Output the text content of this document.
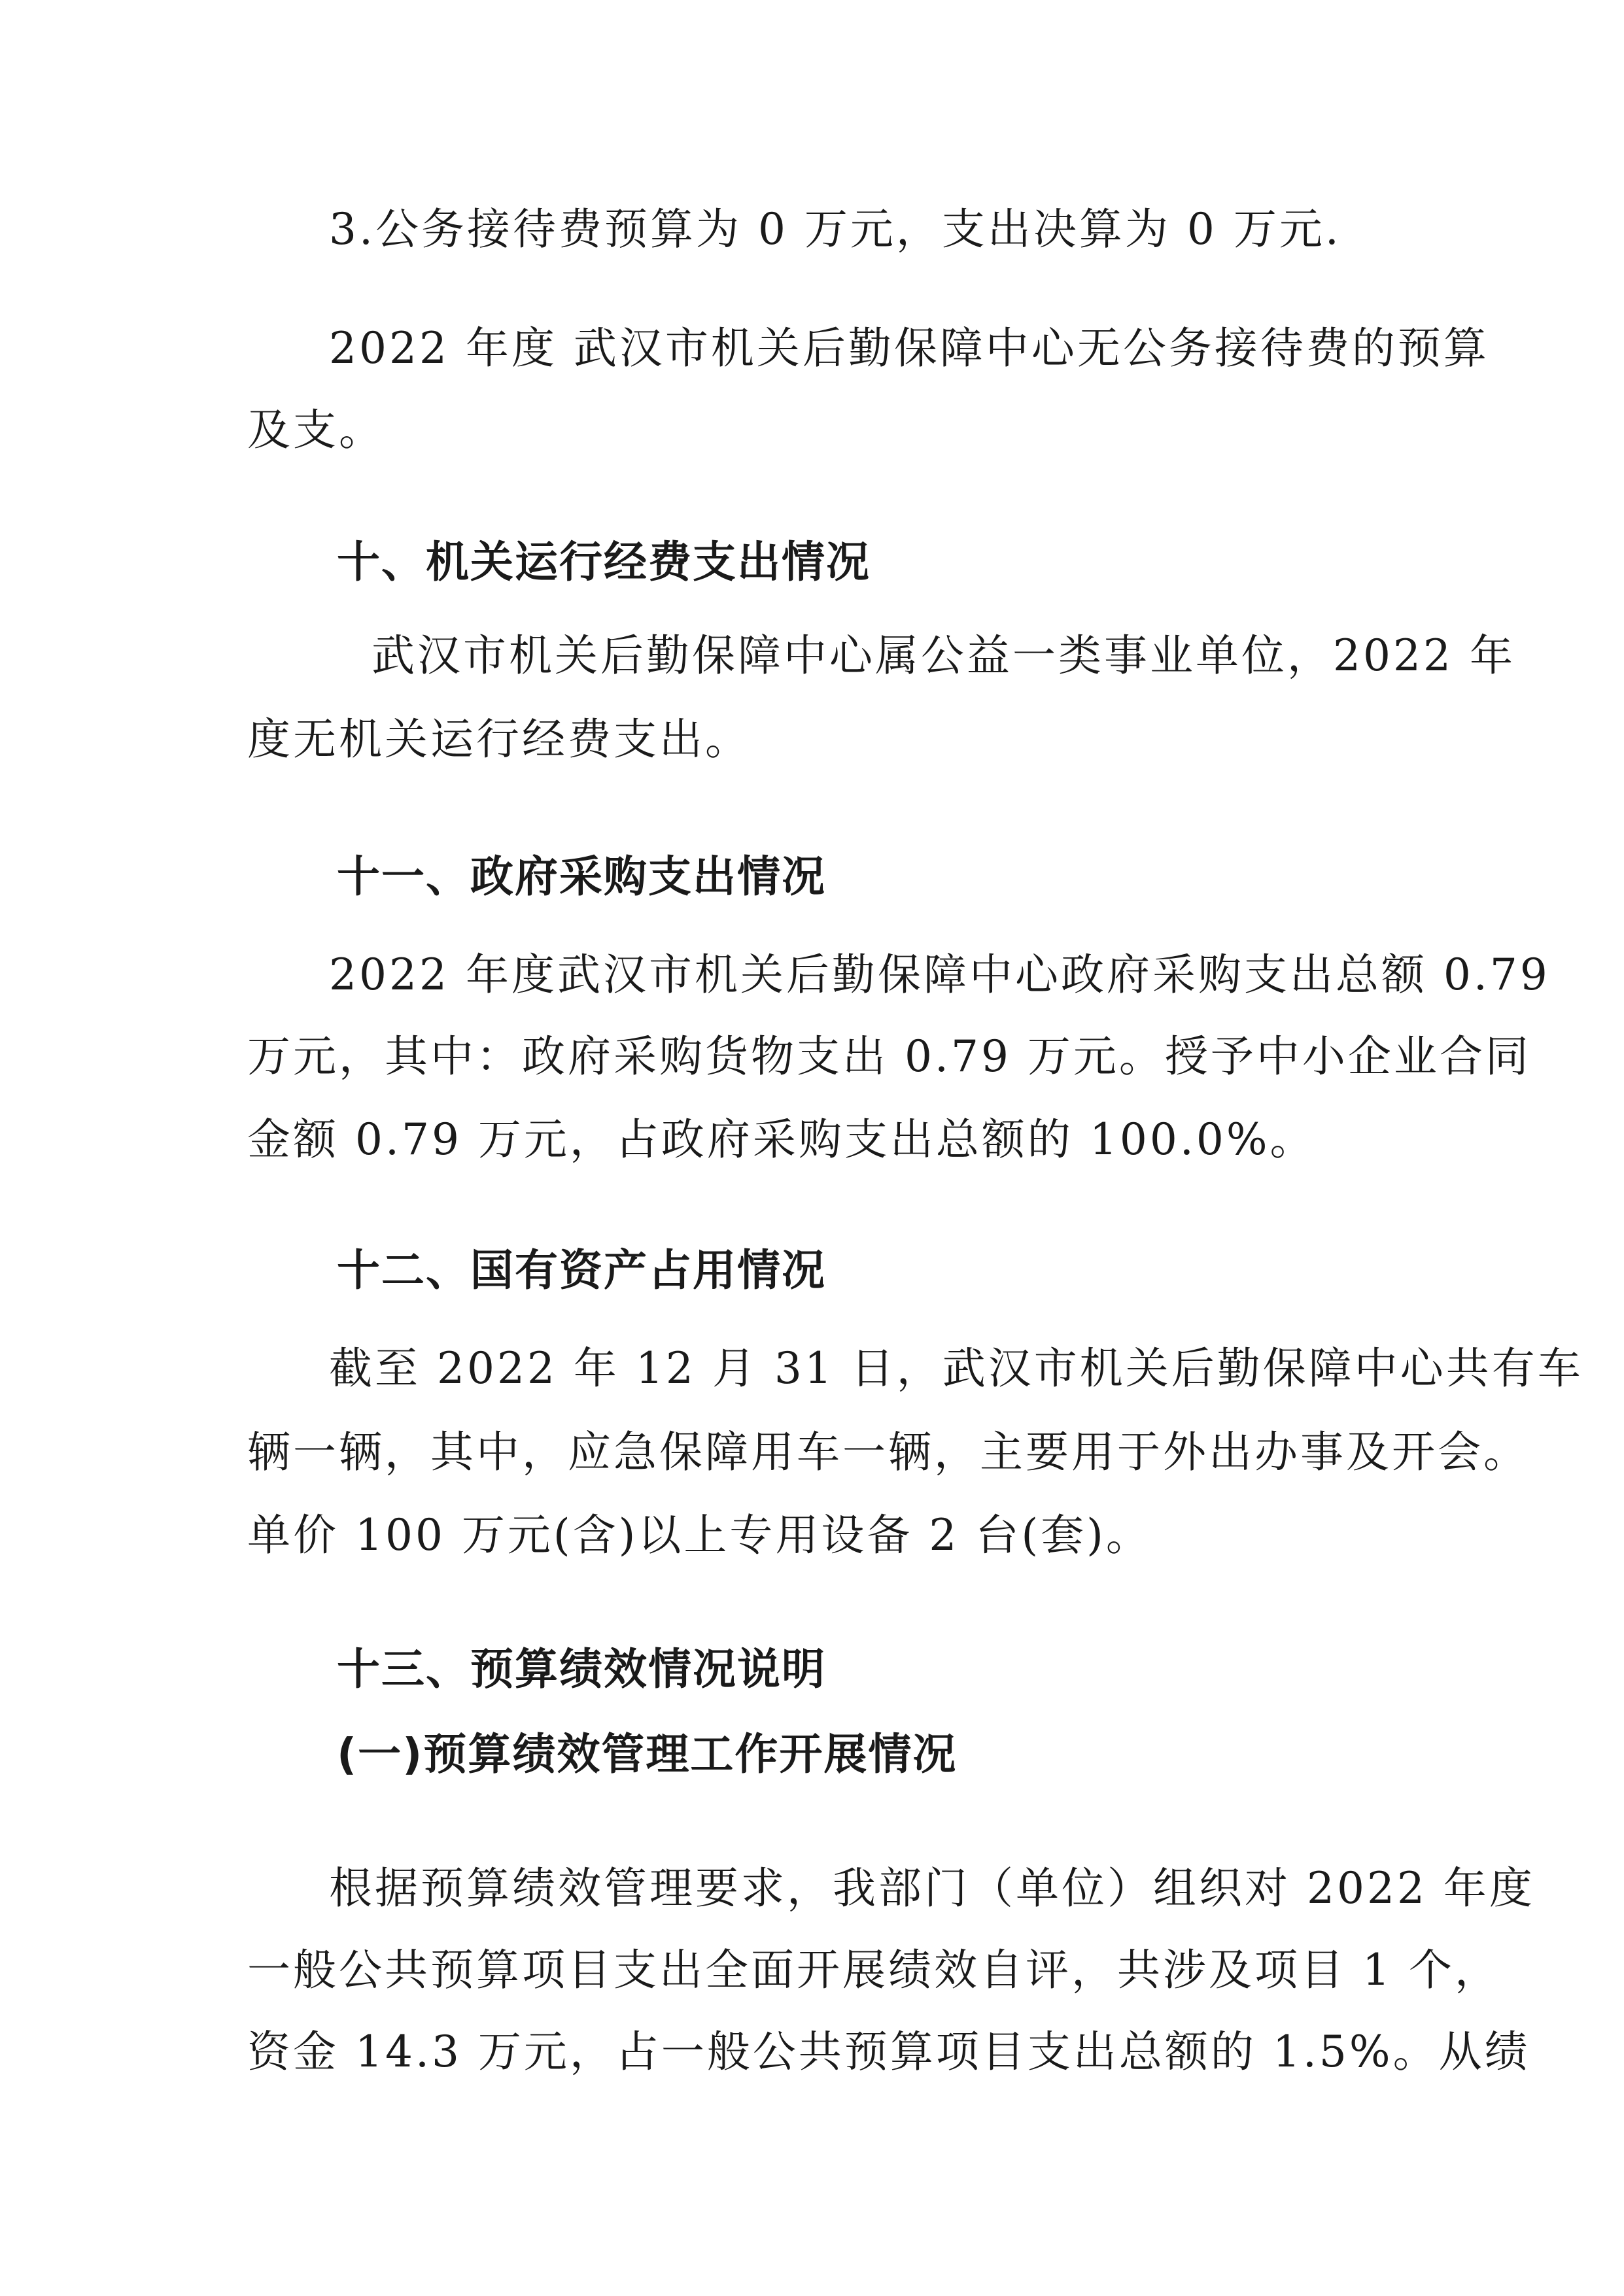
3.公务接待费预算为 0 万元，支出决算为 0 万元.
2022 年度 武汉市机关后勤保障中心无公务接待费的预算
及支。
十、机关运行经费支出情况
武汉市机关后勤保障中心属公益一类事业单位，2022 年
度无机关运行经费支出。
十一、政府采购支出情况
2022 年度武汉市机关后勤保障中心政府采购支出总额 0.79
万元，其中：政府采购货物支出 0.79 万元。授予中小企业合同
金额 0.79 万元，占政府采购支出总额的 100.0%。
十二、国有资产占用情况
截至 2022 年 12 月 31 日，武汉市机关后勤保障中心共有车
辆一辆，其中，应急保障用车一辆，主要用于外出办事及开会。
单价 100 万元(含)以上专用设备 2 台(套)。
十三、预算绩效情况说明
(一)预算绩效管理工作开展情况
根据预算绩效管理要求，我部门（单位）组织对 2022 年度
一般公共预算项目支出全面开展绩效自评，共涉及项目 1 个，
资金 14.3 万元，占一般公共预算项目支出总额的 1.5%。从绩
